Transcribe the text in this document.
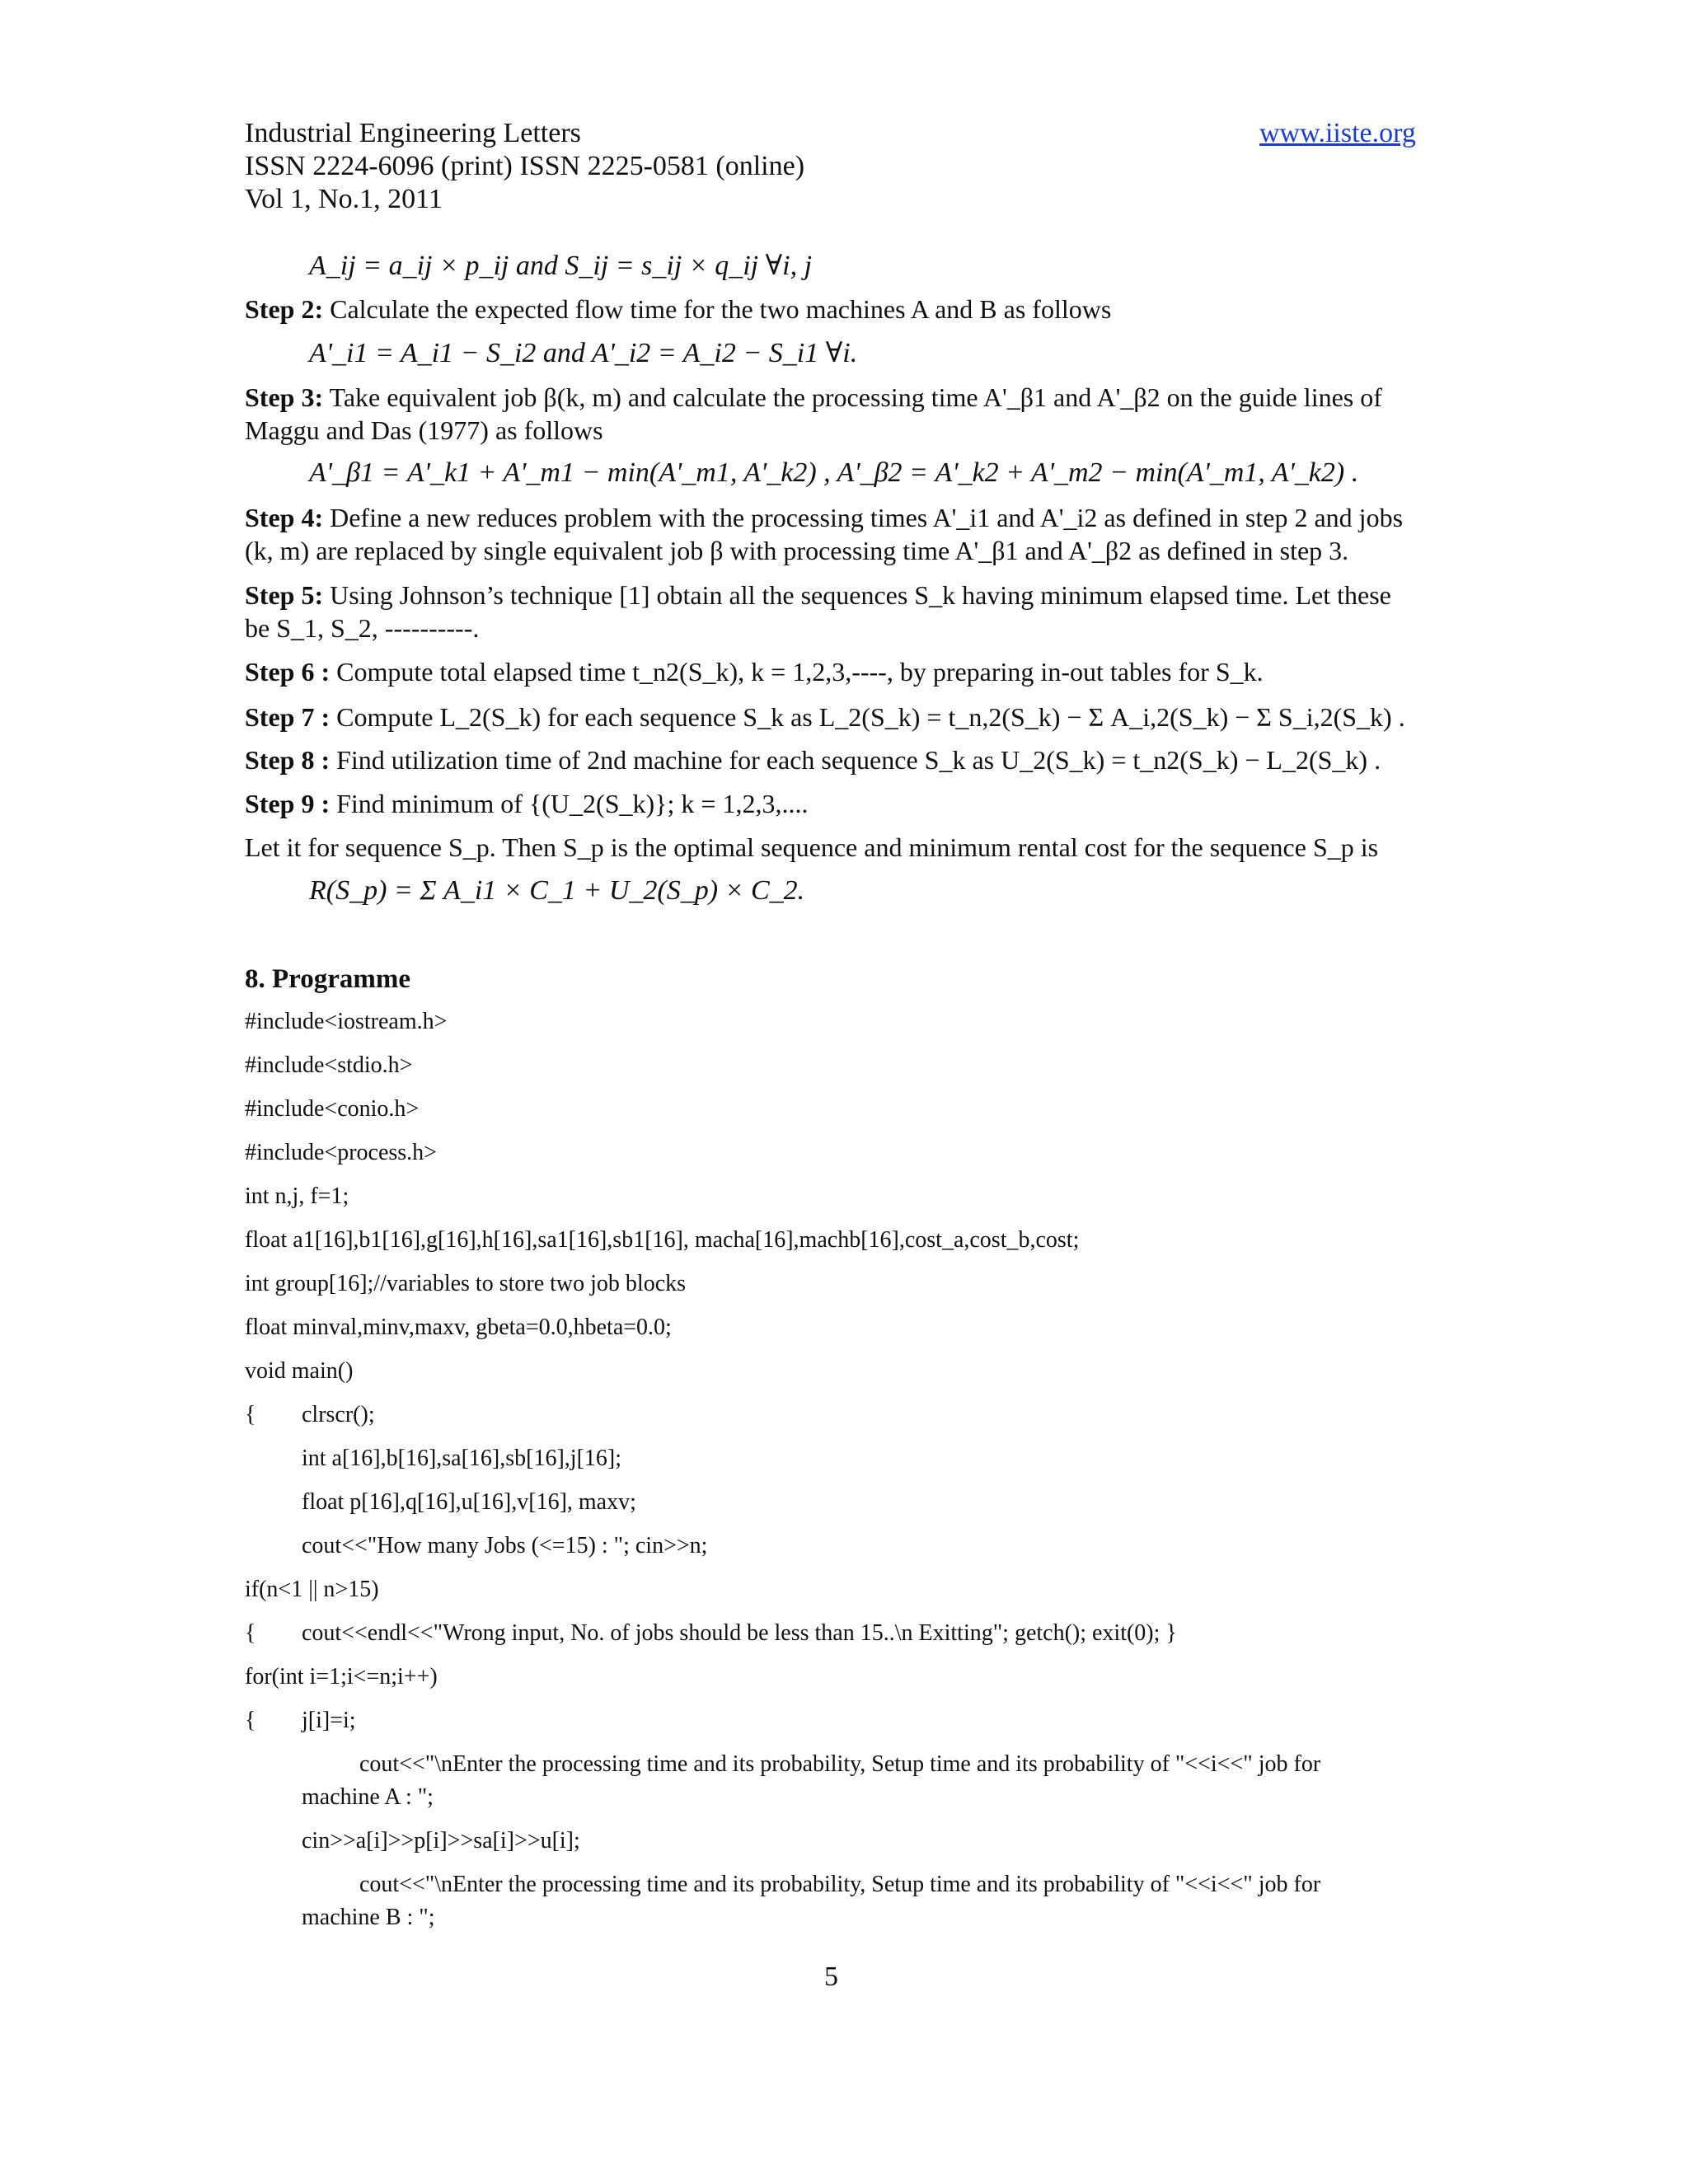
Industrial Engineering Letters	www.iiste.org
ISSN 2224-6096 (print) ISSN 2225-0581 (online)
Vol 1, No.1, 2011
A_ij = a_ij × p_ij and S_ij = s_ij × q_ij ∀i, j
Step 2: Calculate the expected flow time for the two machines A and B as follows
A'_i1 = A_i1 − S_i2 and A'_i2 = A_i2 − S_i1 ∀i.
Step 3: Take equivalent job β(k, m) and calculate the processing time A'_β1 and A'_β2 on the guide lines of
Maggu and Das (1977) as follows
A'_β1 = A'_k1 + A'_m1 − min(A'_m1, A'_k2) , A'_β2 = A'_k2 + A'_m2 − min(A'_m1, A'_k2) .
Step 4: Define a new reduces problem with the processing times A'_i1 and A'_i2 as defined in step 2 and jobs
(k, m) are replaced by single equivalent job β with processing time A'_β1 and A'_β2 as defined in step 3.
Step 5: Using Johnson’s technique [1] obtain all the sequences S_k having minimum elapsed time. Let these
be S_1, S_2, ----------.
Step 6 : Compute total elapsed time t_n2(S_k), k = 1,2,3,----, by preparing in-out tables for S_k.
Step 7 : Compute L_2(S_k) for each sequence S_k as L_2(S_k) = t_n,2(S_k) − Σ A_i,2(S_k) − Σ S_i,2(S_k) .
Step 8 : Find utilization time of 2nd machine for each sequence S_k as U_2(S_k) = t_n2(S_k) − L_2(S_k) .
Step 9 : Find minimum of {(U_2(S_k)}; k = 1,2,3,....
Let it for sequence S_p. Then S_p is the optimal sequence and minimum rental cost for the sequence S_p is
R(S_p) = Σ A_i1 × C_1 + U_2(S_p) × C_2.
8. Programme
#include<iostream.h>
#include<stdio.h>
#include<conio.h>
#include<process.h>
int n,j, f=1;
float a1[16],b1[16],g[16],h[16],sa1[16],sb1[16], macha[16],machb[16],cost_a,cost_b,cost;
int group[16];//variables to store two job blocks
float minval,minv,maxv, gbeta=0.0,hbeta=0.0;
void main()
{ clrscr();
int a[16],b[16],sa[16],sb[16],j[16];
float p[16],q[16],u[16],v[16], maxv;
cout<<"How many Jobs (<=15) : "; cin>>n;
if(n<1 || n>15)
{ cout<<endl<<"Wrong input, No. of jobs should be less than 15..\n Exitting"; getch(); exit(0); }
for(int i=1;i<=n;i++)
{ j[i]=i;
cout<<"\nEnter the processing time and its probability, Setup time and its probability of "<<i<<" job for
machine A : ";
cin>>a[i]>>p[i]>>sa[i]>>u[i];
cout<<"\nEnter the processing time and its probability, Setup time and its probability of "<<i<<" job for
machine B : ";
5
